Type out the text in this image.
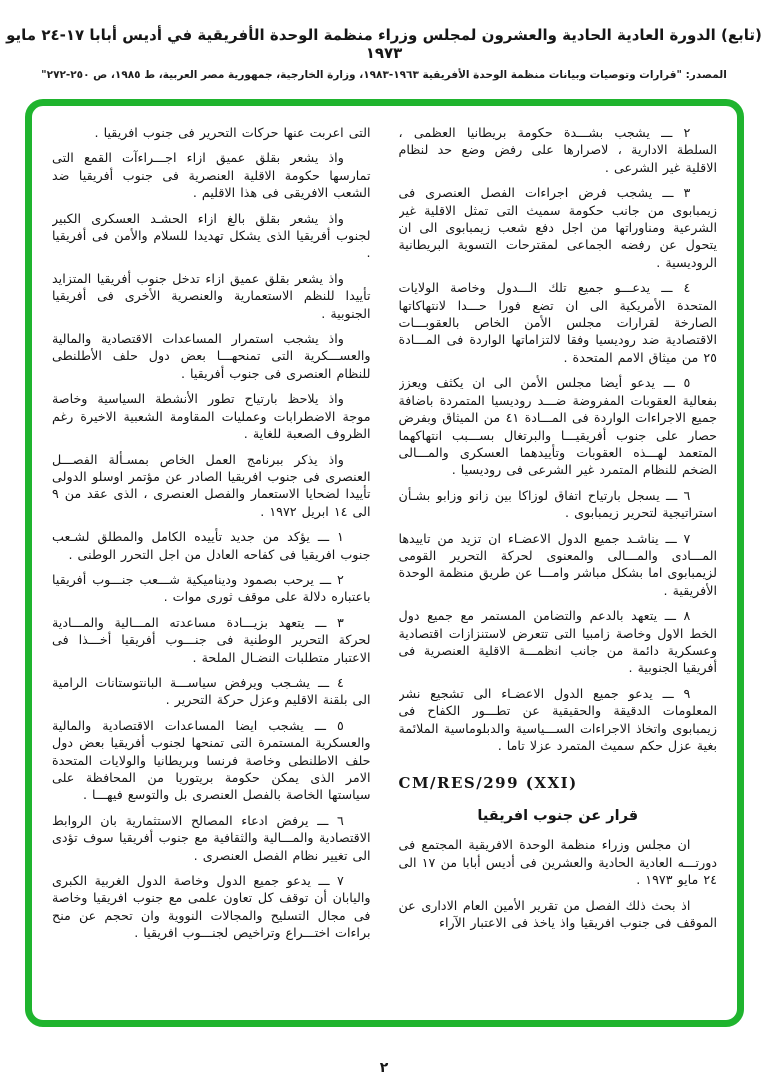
(تابع) الدورة العادية الحادية والعشرون لمجلس وزراء منظمة الوحدة الأفريقية في أديس أبابا ١٧-٢٤ مايو ١٩٧٣
المصدر: "قرارات وتوصيات وبيانات منظمة الوحدة الأفريقية ١٩٦٣-١٩٨٣، وزارة الخارجية، جمهورية مصر العربية، ط ١٩٨٥، ص ٢٥٠-٢٧٢"

٢ ـــ يشجب بشـــدة حكومة بريطانيا العظمى ، السلطة الادارية ، لاصرارها على رفض وضع حد لنظام الاقلية غير الشرعى .

٣ ـــ يشجب فرض اجراءات الفصل العنصرى فى زيمبابوى من جانب حكومة سميث التى تمثل الاقلية غير الشرعية ومناوراتها من اجل دفع شعب زيمبابوى الى ان يتحول عن رفضه الجماعى لمقترحات التسوية البريطانية الروديسية .

٤ ـــ يدعـــو جميع تلك الـــدول وخاصة الولايات المتحدة الأمريكية الى ان تضع فورا حـــدا لانتهاكاتها الصارخة لقرارات مجلس الأمن الخاص بالعقوبـــات الاقتصادية ضد روديسيا وفقا لالتزاماتها الواردة فى المـــادة ٢٥ من ميثاق الامم المتحدة .

٥ ـــ يدعو أيضا مجلس الأمن الى ان يكثف ويعزز بفعالية العقوبات المفروضة ضـــد روديسيا المتمردة باضافة جميع الاجراءات الواردة فى المـــادة ٤١ من الميثاق وبفرض حصار على جنوب أفريقيـــا والبرتغال بســـبب انتهاكهما المتعمد لهـــذه العقوبات وتأييدهما العسكرى والمـــالى الضخم للنظام المتمرد غير الشرعى فى روديسيا .

٦ ـــ يسجل بارتياح اتفاق لوزاكا بين زانو وزابو بشـأن استراتيجية لتحرير زيمبابوى .

٧ ـــ يناشـد جميع الدول الاعضـاء ان تزيد من تاييدها المـــادى والمـــالى والمعنوى لحركة التحرير القومى لزيمبابوى اما بشكل مباشر وامـــا عن طريق منظمة الوحدة الأفريقية .

٨ ـــ يتعهد بالدعم والتضامن المستمر مع جميع دول الخط الاول وخاصة زامبيا التى تتعرض لاستنزازات اقتصادية وعسكرية دائمة من جانب انظمـــة الاقلية العنصرية فى أفريقيا الجنوبية .

٩ ـــ يدعو جميع الدول الاعضـاء الى تشجيع نشر المعلومات الدقيقة والحقيقية عن تطـــور الكفاح فى زيمبابوى واتخاذ الاجراءات الســـياسية والدبلوماسية الملائمة بغية عزل حكم سميث المتمرد عزلا تاما .

CM/RES/299 (XXI)
قرار عن جنوب افريقيا

ان مجلس وزراء منظمة الوحدة الافريقية المجتمع فى دورتـــه العادية الحادية والعشرين فى أديس أبابا من ١٧ الى ٢٤ مايو ١٩٧٣ .

اذ بحث ذلك الفصل من تقرير الأمين العام الادارى عن الموقف فى جنوب افريقيا واذ ياخذ فى الاعتبار الآراء

التى اعربت عنها حركات التحرير فى جنوب افريقيا .

واذ يشعر بقلق عميق ازاء اجـــراءآت القمع التى تمارسها حكومة الاقلية العنصرية فى جنوب أفريقيا ضد الشعب الافريقى فى هذا الاقليم .

واذ يشعر بقلق بالغ ازاء الحشـد العسكرى الكبير لجنوب أفريقيا الذى يشكل تهديدا للسلام والأمن فى أفريقيا .

واذ يشعر بقلق عميق ازاء تدخل جنوب أفريقيا المتزايد تأييدا للنظم الاستعمارية والعنصرية الأخرى فى أفريقيا الجنوبية .

واذ يشجب استمرار المساعدات الاقتصادية والمالية والعســـكرية التى تمنحهـــا بعض دول حلف الأطلنطى للنظام العنصرى فى جنوب أفريقيا .

واذ يلاحظ بارتياح تطور الأنشطة السياسية وخاصة موجة الاضطرابات وعمليات المقاومة الشعبية الاخيرة رغم الظروف الصعبة للغاية .

واذ يذكر ببرنامج العمل الخاص بمسـألة الفصـــل العنصرى فى جنوب افريقيا الصادر عن مؤتمر اوسلو الدولى تأييدا لضحايا الاستعمار والفصل العنصرى ، الذى عقد من ٩ الى ١٤ ابريل ١٩٧٢ .

١ ـــ يؤكد من جديد تأييده الكامل والمطلق لشـعب جنوب افريقيا فى كفاحه العادل من اجل التحرر الوطنى .

٢ ـــ يرحب بصمود وديناميكية شـــعب جنـــوب أفريقيا باعتباره دلالة على موقف ثورى موات .

٣ ـــ يتعهد بزيـــادة مساعدته المـــالية والمـــادية لحركة التحرير الوطنية فى جنـــوب أفريقيا أخـــذا فى الاعتبار متطلبات النضـال الملحة .

٤ ـــ يشـجب ويرفض سياســـة البانتوستانات الرامية الى بلقنة الاقليم وعزل حركة التحرير .

٥ ـــ يشجب ايضا المساعدات الاقتصادية والمالية والعسكرية المستمرة التى تمنحها لجنوب أفريقيا بعض دول حلف الاطلنطى وخاصة فرنسا وبريطانيا والولايات المتحدة الامر الذى يمكن حكومة بريتوريا من المحافظة على سياستها الخاصة بالفصل العنصرى بل والتوسع فيهـــا .

٦ ـــ يرفض ادعاء المصالح الاستثمارية بان الروابط الاقتصادية والمـــالية والثقافية مع جنوب أفريقيا سوف تؤدى الى تغيير نظام الفصل العنصرى .

٧ ـــ يدعو جميع الدول وخاصة الدول الغربية الكبرى واليابان أن توقف كل تعاون علمى مع جنوب افريقيا وخاصة فى مجال التسليح والمجالات النووية وان تحجم عن منح براءات اختـــراع وتراخيص لجنـــوب افريقيا .

٢
